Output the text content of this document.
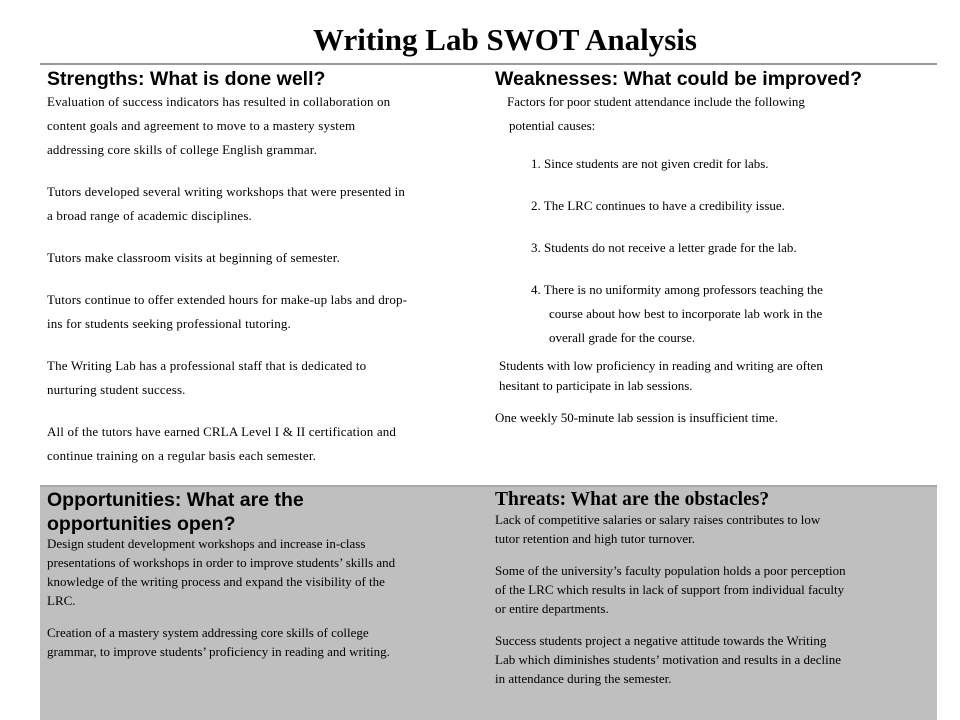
Writing Lab SWOT Analysis

Strengths: What is done well?

Evaluation of success indicators has resulted in collaboration on

content goals and agreement to move to a mastery system

addressing core skills of college English grammar.

Tutors developed several writing workshops that were presented in

a broad range of academic disciplines.

Tutors make classroom visits at beginning of semester.

Tutors continue to offer extended hours for make-up labs and drop-

ins for students seeking professional tutoring.

The Writing Lab has a professional staff that is dedicated to

nurturing student success.

All of the tutors have earned CRLA Level I & II certification and

continue training on a regular basis each semester.

Weaknesses: What could be improved?

Factors for poor student attendance include the following

potential causes:

1. Since students are not given credit for labs.

2. The LRC continues to have a credibility issue.

3. Students do not receive a letter grade for the lab.

4. There is no uniformity among professors teaching the

course about how best to incorporate lab work in the

overall grade for the course.

Students with low proficiency in reading and writing are often

hesitant to participate in lab sessions.

One weekly 50-minute lab session is insufficient time.

Opportunities: What are the

opportunities open?

Design student development workshops and increase in-class

presentations of workshops in order to improve students’ skills and

knowledge of the writing process and expand the visibility of the

LRC.

Creation of a mastery system addressing core skills of college

grammar, to improve students’ proficiency in reading and writing.

Threats: What are the obstacles?

Lack of competitive salaries or salary raises contributes to low

tutor retention and high tutor turnover.

Some of the university’s faculty population holds a poor perception

of the LRC which results in lack of support from individual faculty

or entire departments.

Success students project a negative attitude towards the Writing

Lab which diminishes students’ motivation and results in a decline

in attendance during the semester.
